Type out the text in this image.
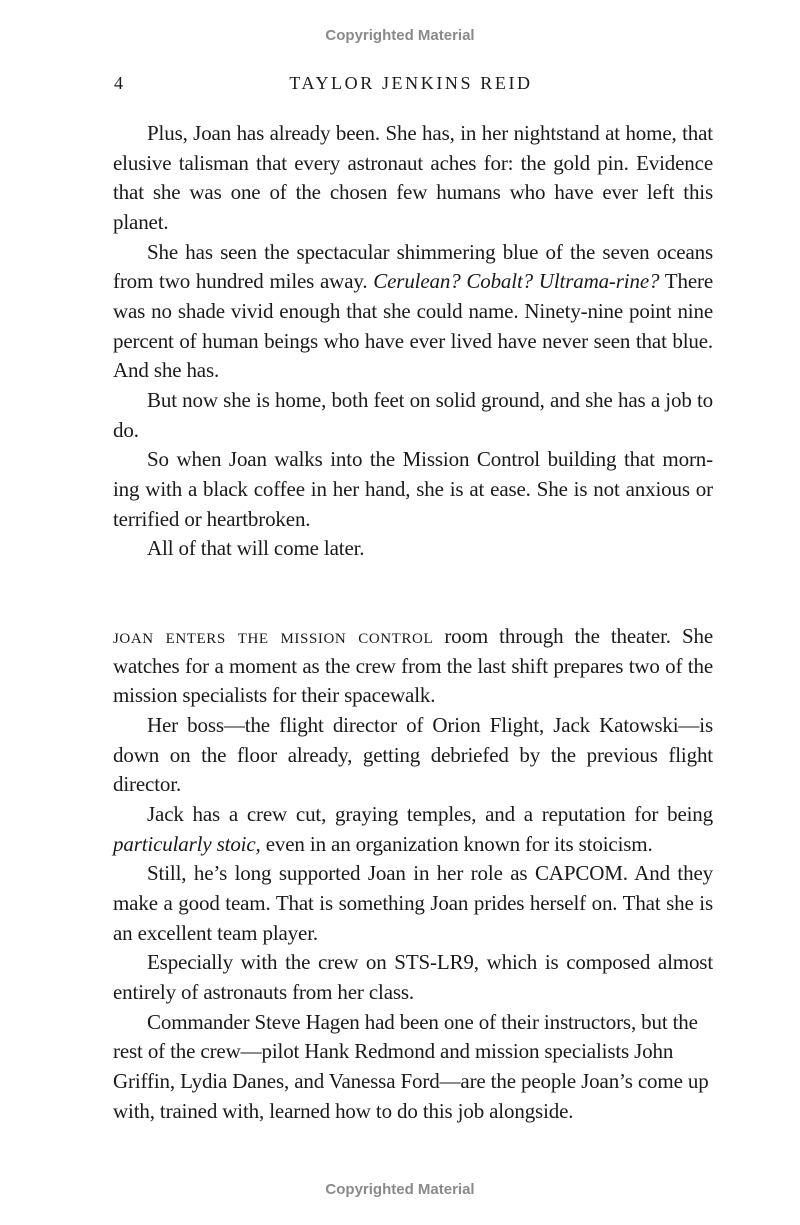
Copyrighted Material
4	TAYLOR JENKINS REID

Plus, Joan has already been. She has, in her nightstand at home, that elusive talisman that every astronaut aches for: the gold pin. Evidence that she was one of the chosen few humans who have ever left this planet.

She has seen the spectacular shimmering blue of the seven oceans from two hundred miles away. Cerulean? Cobalt? Ultrama-rine? There was no shade vivid enough that she could name. Ninety-nine point nine percent of human beings who have ever lived have never seen that blue. And she has.

But now she is home, both feet on solid ground, and she has a job to do.

So when Joan walks into the Mission Control building that morn-ing with a black coffee in her hand, she is at ease. She is not anxious or terrified or heartbroken.

All of that will come later.

joan enters the mission control room through the theater. She watches for a moment as the crew from the last shift prepares two of the mission specialists for their spacewalk.

Her boss—the flight director of Orion Flight, Jack Katowski—is down on the floor already, getting debriefed by the previous flight director.

Jack has a crew cut, graying temples, and a reputation for being particularly stoic, even in an organization known for its stoicism.

Still, he’s long supported Joan in her role as CAPCOM. And they make a good team. That is something Joan prides herself on. That she is an excellent team player.

Especially with the crew on STS-LR9, which is composed almost entirely of astronauts from her class.

Commander Steve Hagen had been one of their instructors, but the rest of the crew—pilot Hank Redmond and mission specialists John Griffin, Lydia Danes, and Vanessa Ford—are the people Joan’s come up with, trained with, learned how to do this job alongside.

Copyrighted Material
